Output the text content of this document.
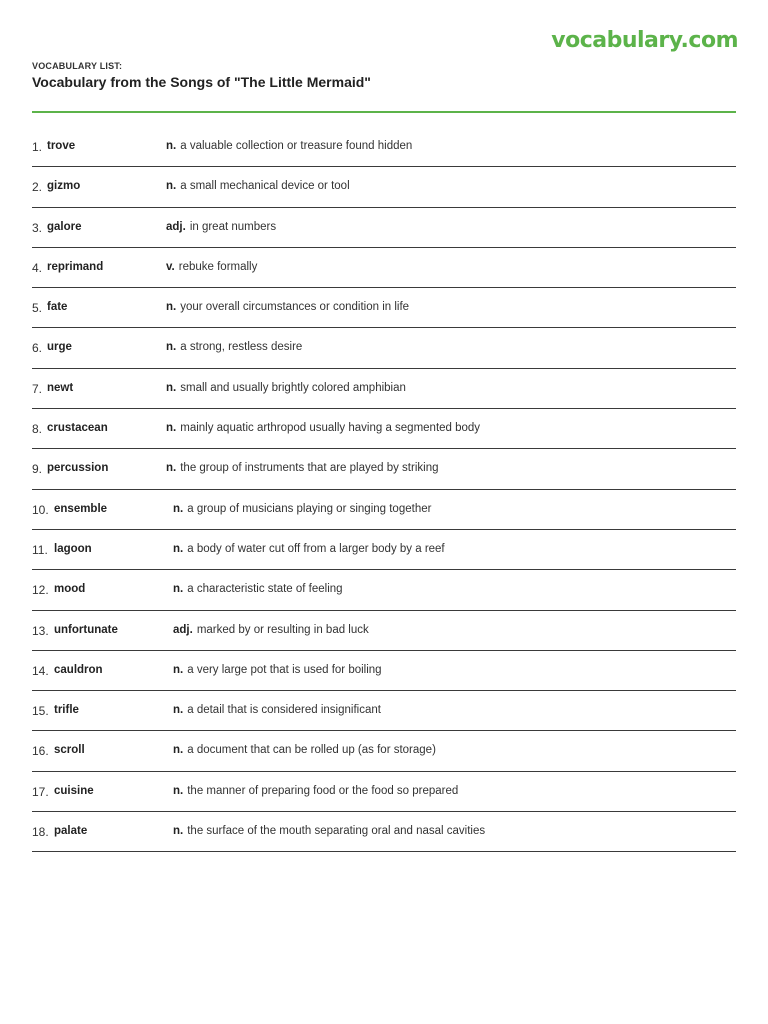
vocabulary.com
VOCABULARY LIST:
Vocabulary from the Songs of "The Little Mermaid"
1. trove	n. a valuable collection or treasure found hidden
2. gizmo	n. a small mechanical device or tool
3. galore	adj. in great numbers
4. reprimand	v. rebuke formally
5. fate	n. your overall circumstances or condition in life
6. urge	n. a strong, restless desire
7. newt	n. small and usually brightly colored amphibian
8. crustacean	n. mainly aquatic arthropod usually having a segmented body
9. percussion	n. the group of instruments that are played by striking
10. ensemble	n. a group of musicians playing or singing together
11. lagoon	n. a body of water cut off from a larger body by a reef
12. mood	n. a characteristic state of feeling
13. unfortunate	adj. marked by or resulting in bad luck
14. cauldron	n. a very large pot that is used for boiling
15. trifle	n. a detail that is considered insignificant
16. scroll	n. a document that can be rolled up (as for storage)
17. cuisine	n. the manner of preparing food or the food so prepared
18. palate	n. the surface of the mouth separating oral and nasal cavities
